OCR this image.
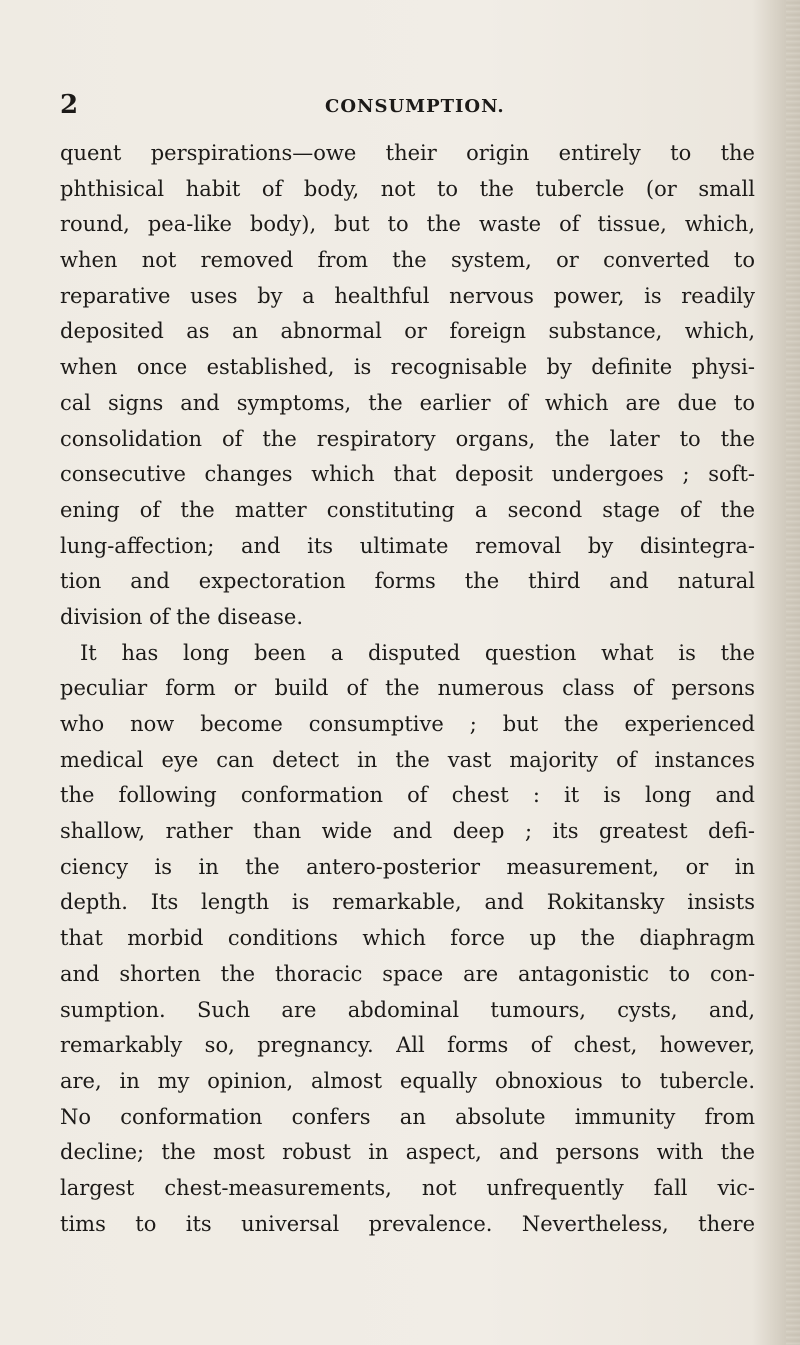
2	CONSUMPTION.
quent perspirations—owe their origin entirely to the
phthisical habit of body, not to the tubercle (or small
round, pea-like body), but to the waste of tissue, which,
when not removed from the system, or converted to
reparative uses by a healthful nervous power, is readily
deposited as an abnormal or foreign substance, which,
when once established, is recognisable by definite physi-
cal signs and symptoms, the earlier of which are due to
consolidation of the respiratory organs, the later to the
consecutive changes which that deposit undergoes ; soft-
ening of the matter constituting a second stage of the
lung-affection; and its ultimate removal by disintegra-
tion and expectoration forms the third and natural
division of the disease.
It has long been a disputed question what is the
peculiar form or build of the numerous class of persons
who now become consumptive ; but the experienced
medical eye can detect in the vast majority of instances
the following conformation of chest : it is long and
shallow, rather than wide and deep ; its greatest defi-
ciency is in the antero-posterior measurement, or in
depth. Its length is remarkable, and Rokitansky insists
that morbid conditions which force up the diaphragm
and shorten the thoracic space are antagonistic to con-
sumption. Such are abdominal tumours, cysts, and,
remarkably so, pregnancy. All forms of chest, however,
are, in my opinion, almost equally obnoxious to tubercle.
No conformation confers an absolute immunity from
decline; the most robust in aspect, and persons with the
largest chest-measurements, not unfrequently fall vic-
tims to its universal prevalence. Nevertheless, there
